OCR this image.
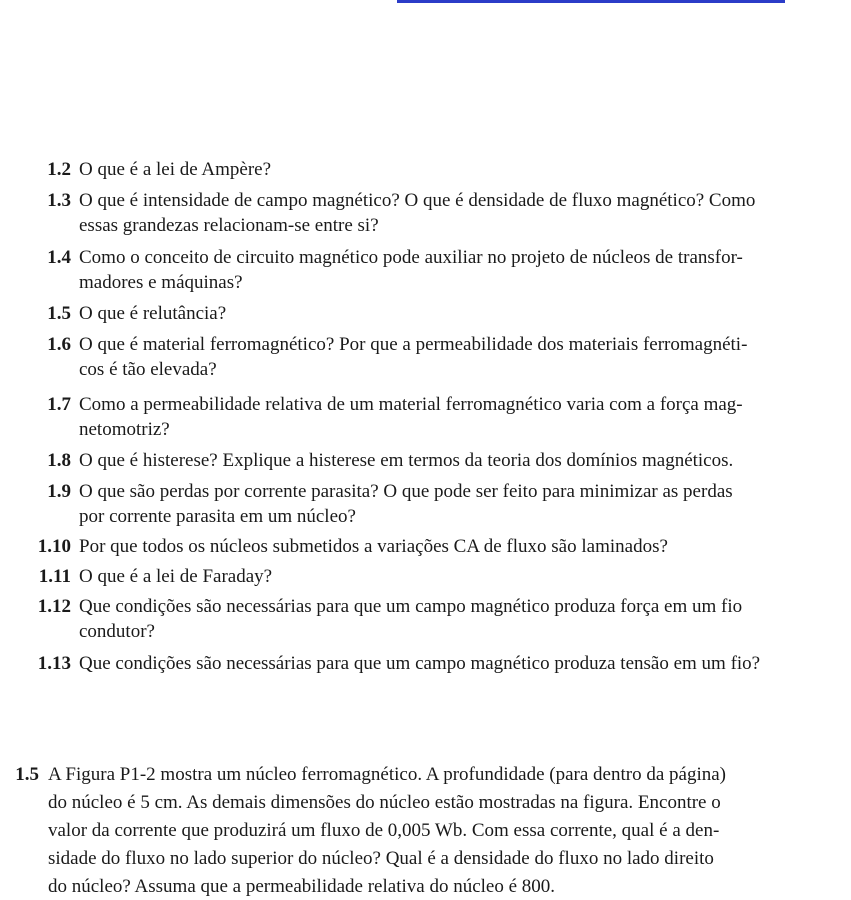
1.2 O que é a lei de Ampère?
1.3 O que é intensidade de campo magnético? O que é densidade de fluxo magnético? Como
essas grandezas relacionam-se entre si?
1.4 Como o conceito de circuito magnético pode auxiliar no projeto de núcleos de transfor-
madores e máquinas?
1.5 O que é relutância?
1.6 O que é material ferromagnético? Por que a permeabilidade dos materiais ferromagnéti-
cos é tão elevada?
1.7 Como a permeabilidade relativa de um material ferromagnético varia com a força mag-
netomotriz?
1.8 O que é histerese? Explique a histerese em termos da teoria dos domínios magnéticos.
1.9 O que são perdas por corrente parasita? O que pode ser feito para minimizar as perdas
por corrente parasita em um núcleo?
1.10 Por que todos os núcleos submetidos a variações CA de fluxo são laminados?
1.11 O que é a lei de Faraday?
1.12 Que condições são necessárias para que um campo magnético produza força em um fio
condutor?
1.13 Que condições são necessárias para que um campo magnético produza tensão em um fio?
1.5 A Figura P1-2 mostra um núcleo ferromagnético. A profundidade (para dentro da página)
do núcleo é 5 cm. As demais dimensões do núcleo estão mostradas na figura. Encontre o
valor da corrente que produzirá um fluxo de 0,005 Wb. Com essa corrente, qual é a den-
sidade do fluxo no lado superior do núcleo? Qual é a densidade do fluxo no lado direito
do núcleo? Assuma que a permeabilidade relativa do núcleo é 800.
